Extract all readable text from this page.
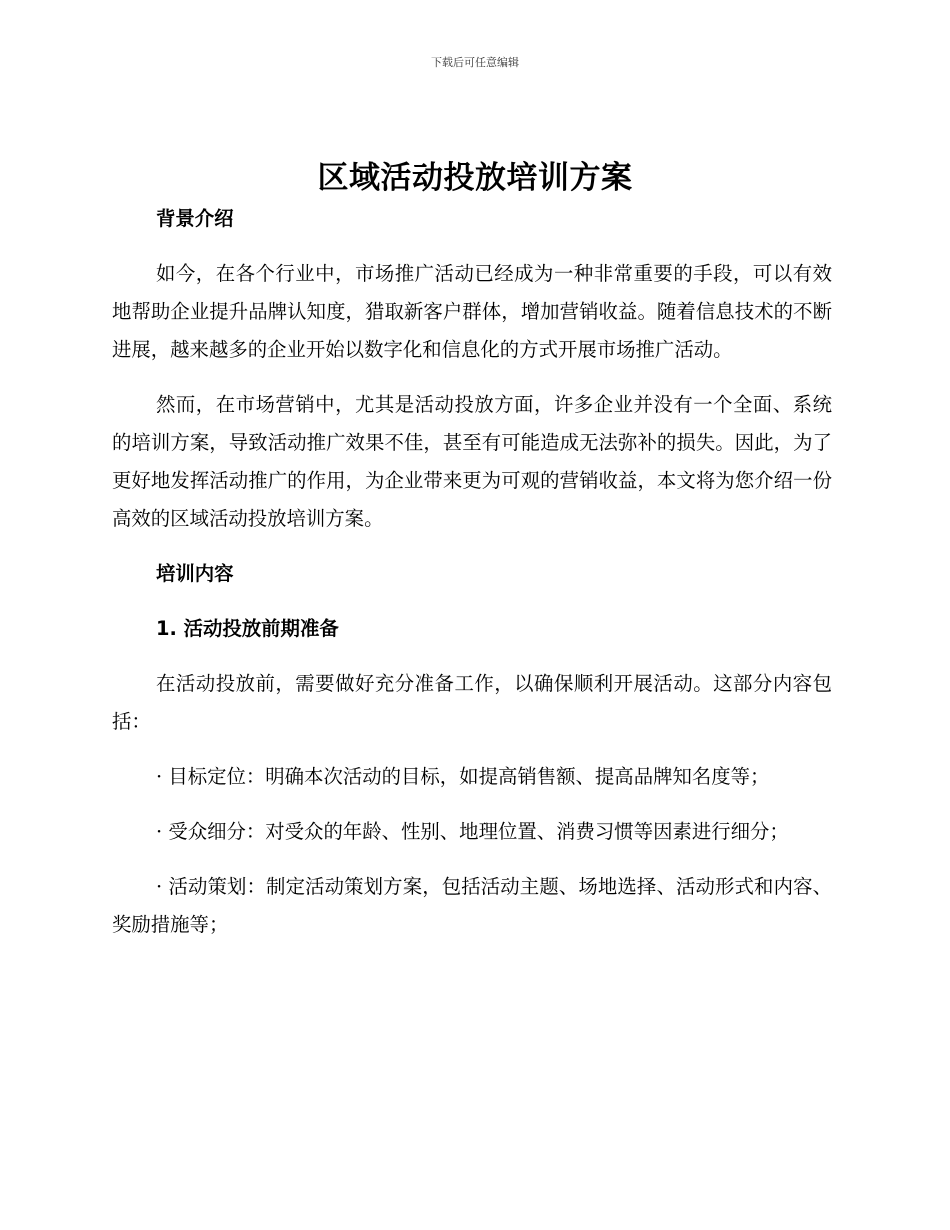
下载后可任意编辑
区域活动投放培训方案

背景介绍

如今，在各个行业中，市场推广活动已经成为一种非常重要的手段，可以有效地帮助企业提升品牌认知度，猎取新客户群体，增加营销收益。随着信息技术的不断进展，越来越多的企业开始以数字化和信息化的方式开展市场推广活动。

然而，在市场营销中，尤其是活动投放方面，许多企业并没有一个全面、系统的培训方案，导致活动推广效果不佳，甚至有可能造成无法弥补的损失。因此，为了更好地发挥活动推广的作用，为企业带来更为可观的营销收益，本文将为您介绍一份高效的区域活动投放培训方案。

培训内容

1. 活动投放前期准备

在活动投放前，需要做好充分准备工作，以确保顺利开展活动。这部分内容包括：

· 目标定位：明确本次活动的目标，如提高销售额、提高品牌知名度等；

· 受众细分：对受众的年龄、性别、地理位置、消费习惯等因素进行细分；

· 活动策划：制定活动策划方案，包括活动主题、场地选择、活动形式和内容、奖励措施等；
